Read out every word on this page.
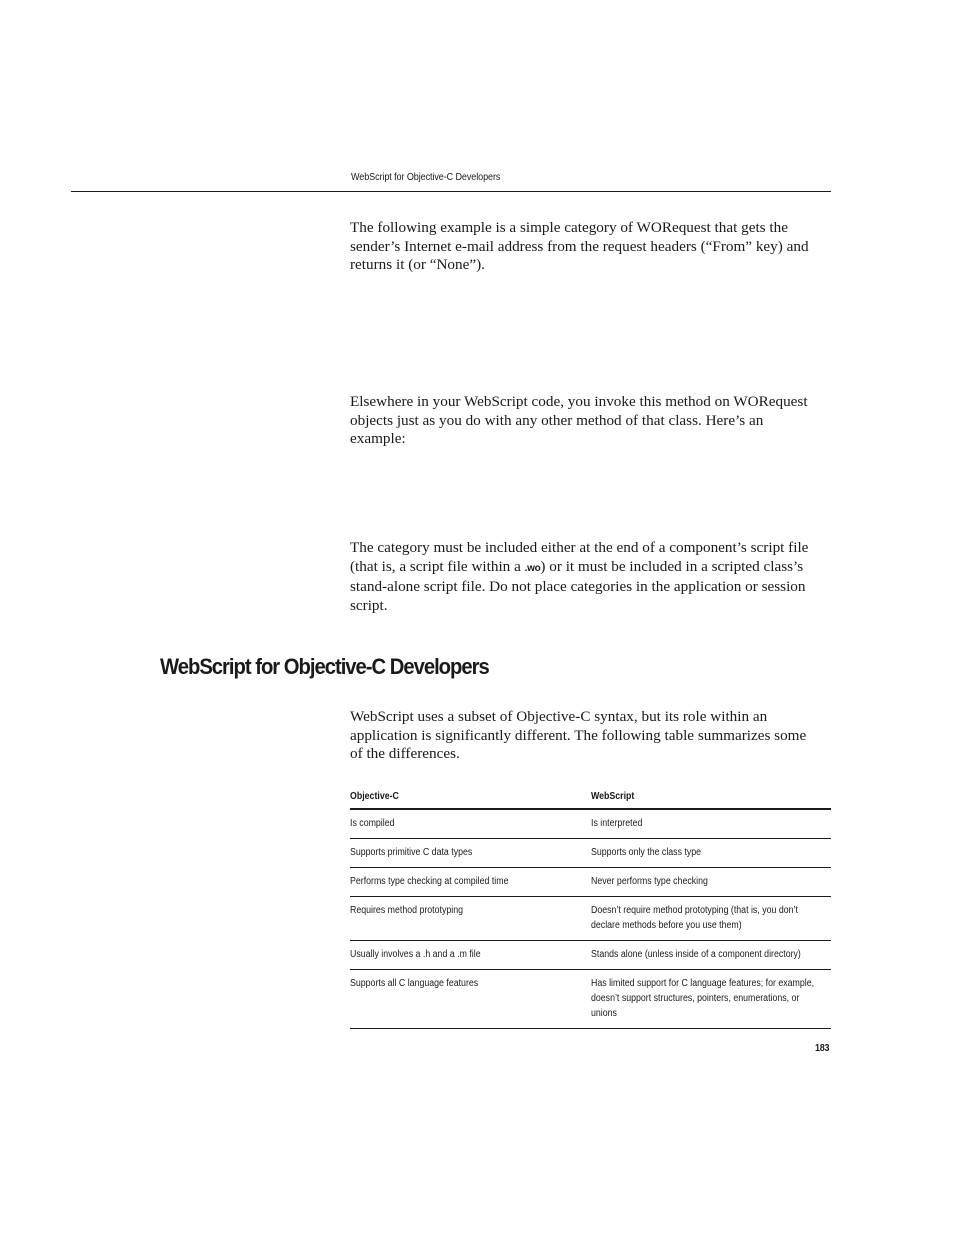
WebScript for Objective-C Developers

The following example is a simple category of WORequest that gets the sender’s Internet e-mail address from the request headers (“From” key) and returns it (or “None”).

Elsewhere in your WebScript code, you invoke this method on WORequest objects just as you do with any other method of that class. Here’s an example:

The category must be included either at the end of a component’s script file (that is, a script file within a .wo) or it must be included in a scripted class’s stand-alone script file. Do not place categories in the application or session script.

WebScript for Objective-C Developers

WebScript uses a subset of Objective-C syntax, but its role within an application is significantly different. The following table summarizes some of the differences.

Objective-C	WebScript
Is compiled	Is interpreted
Supports primitive C data types	Supports only the class type
Performs type checking at compiled time	Never performs type checking
Requires method prototyping	Doesn’t require method prototyping (that is, you don’t declare methods before you use them)
Usually involves a .h and a .m file	Stands alone (unless inside of a component directory)
Supports all C language features	Has limited support for C language features; for example, doesn’t support structures, pointers, enumerations, or unions
183
